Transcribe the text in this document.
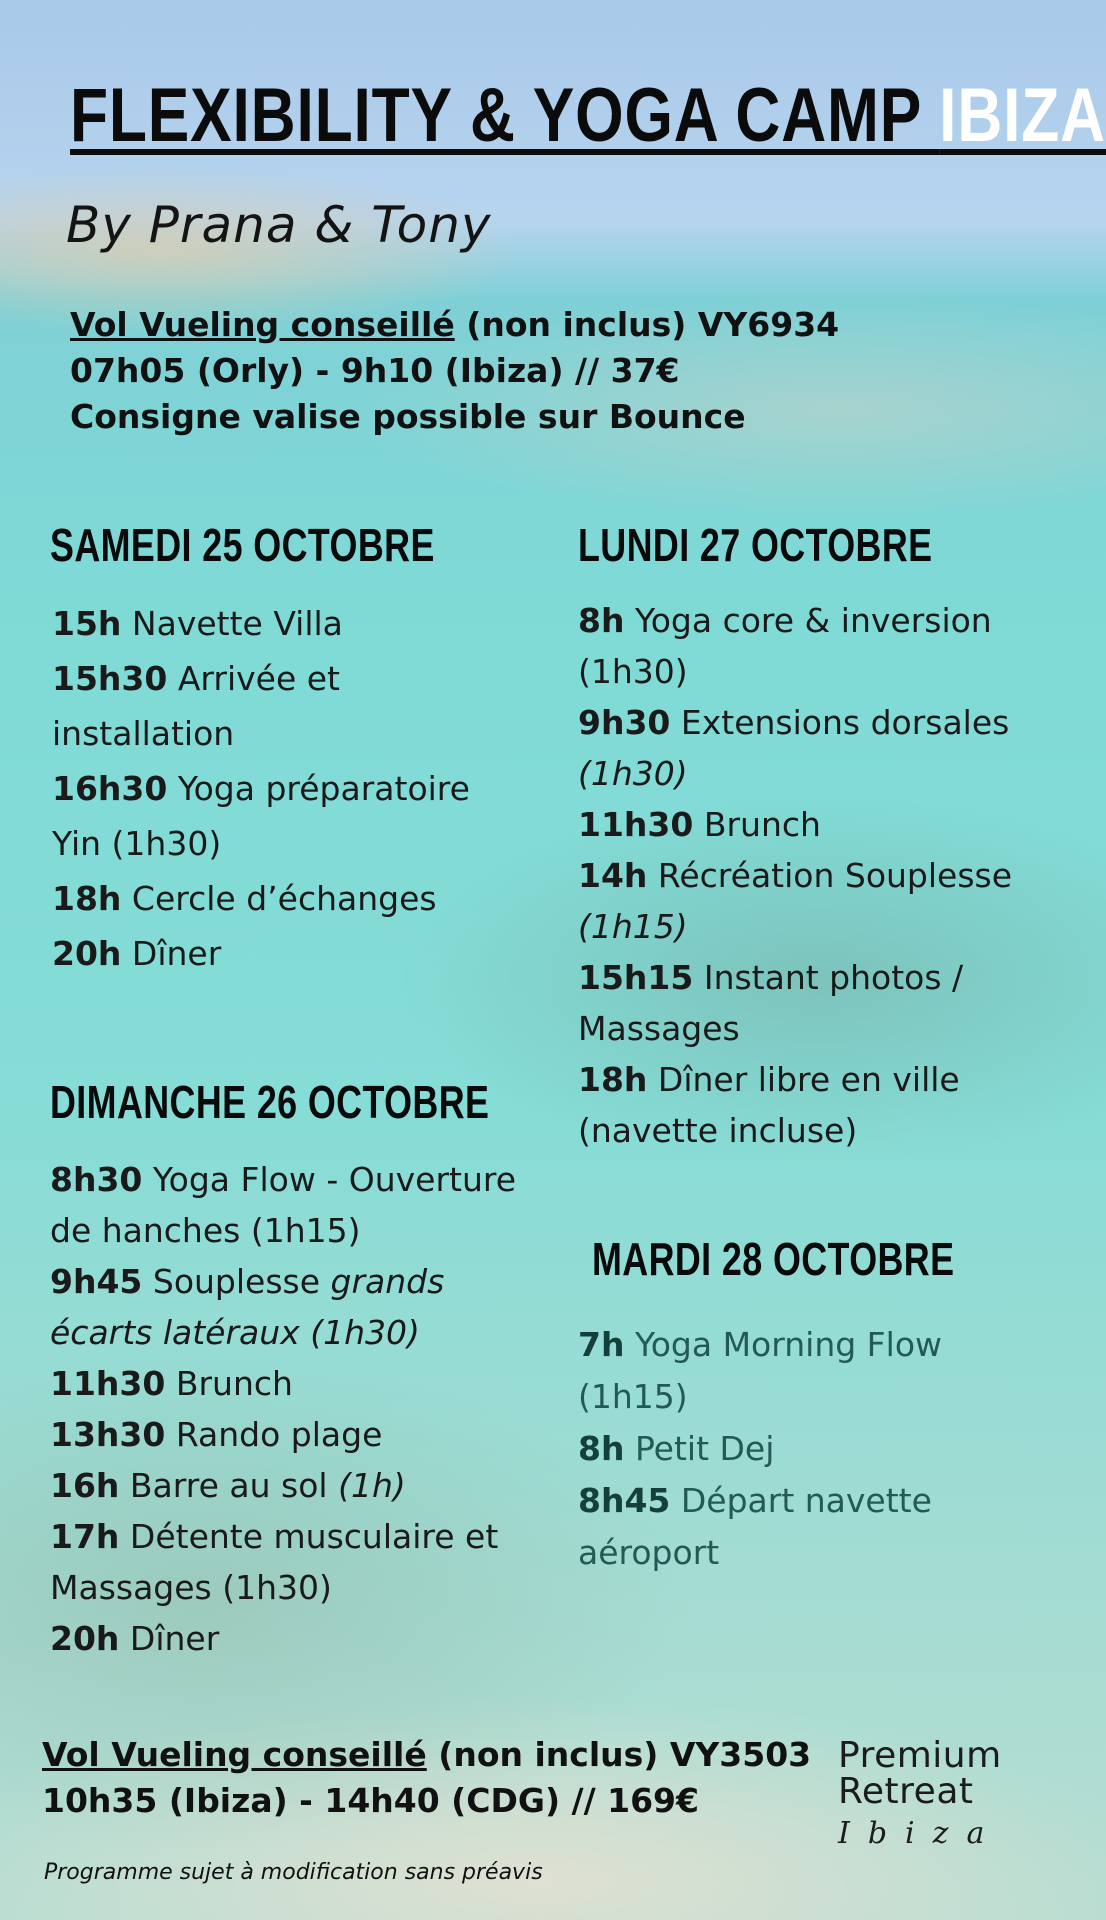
FLEXIBILITY & YOGA CAMP IBIZA
By Prana & Tony
Vol Vueling conseillé (non inclus) VY6934
07h05 (Orly) - 9h10 (Ibiza) // 37€
Consigne valise possible sur Bounce
SAMEDI 25 OCTOBRE
15h Navette Villa
15h30 Arrivée et
installation
16h30 Yoga préparatoire
Yin (1h30)
18h Cercle d’échanges
20h Dîner
DIMANCHE 26 OCTOBRE
8h30 Yoga Flow - Ouverture
de hanches (1h15)
9h45 Souplesse grands
écarts latéraux (1h30)
11h30 Brunch
13h30 Rando plage
16h Barre au sol (1h)
17h Détente musculaire et
Massages (1h30)
20h Dîner
LUNDI 27 OCTOBRE
8h Yoga core & inversion
(1h30)
9h30 Extensions dorsales
(1h30)
11h30 Brunch
14h Récréation Souplesse
(1h15)
15h15 Instant photos /
Massages
18h Dîner libre en ville
(navette incluse)
MARDI 28 OCTOBRE
7h Yoga Morning Flow
(1h15)
8h Petit Dej
8h45 Départ navette
aéroport
Vol Vueling conseillé (non inclus) VY3503
10h35 (Ibiza) - 14h40 (CDG) // 169€
Premium
Retreat
Ibiza
Programme sujet à modification sans préavis
